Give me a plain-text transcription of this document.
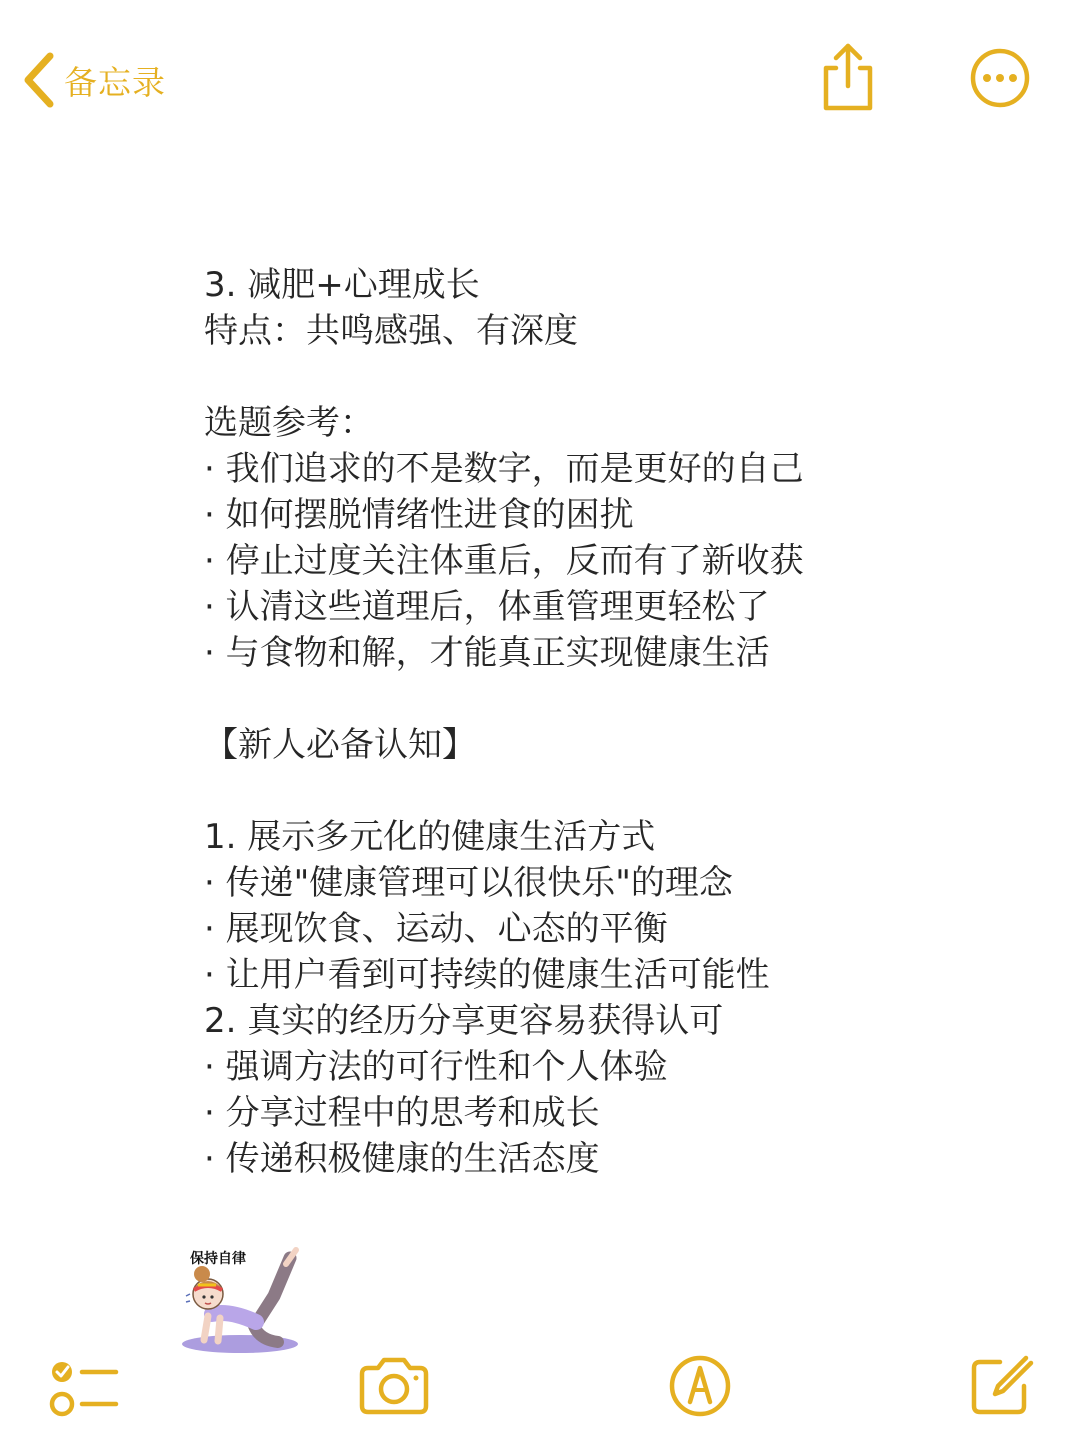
备忘录
3. 减肥+心理成长
特点：共鸣感强、有深度
选题参考：
· 我们追求的不是数字，而是更好的自己
· 如何摆脱情绪性进食的困扰
· 停止过度关注体重后，反而有了新收获
· 认清这些道理后，体重管理更轻松了
· 与食物和解，才能真正实现健康生活
【新人必备认知】
1. 展示多元化的健康生活方式
· 传递"健康管理可以很快乐"的理念
· 展现饮食、运动、心态的平衡
· 让用户看到可持续的健康生活可能性
2. 真实的经历分享更容易获得认可
· 强调方法的可行性和个人体验
· 分享过程中的思考和成长
· 传递积极健康的生活态度
保持自律
